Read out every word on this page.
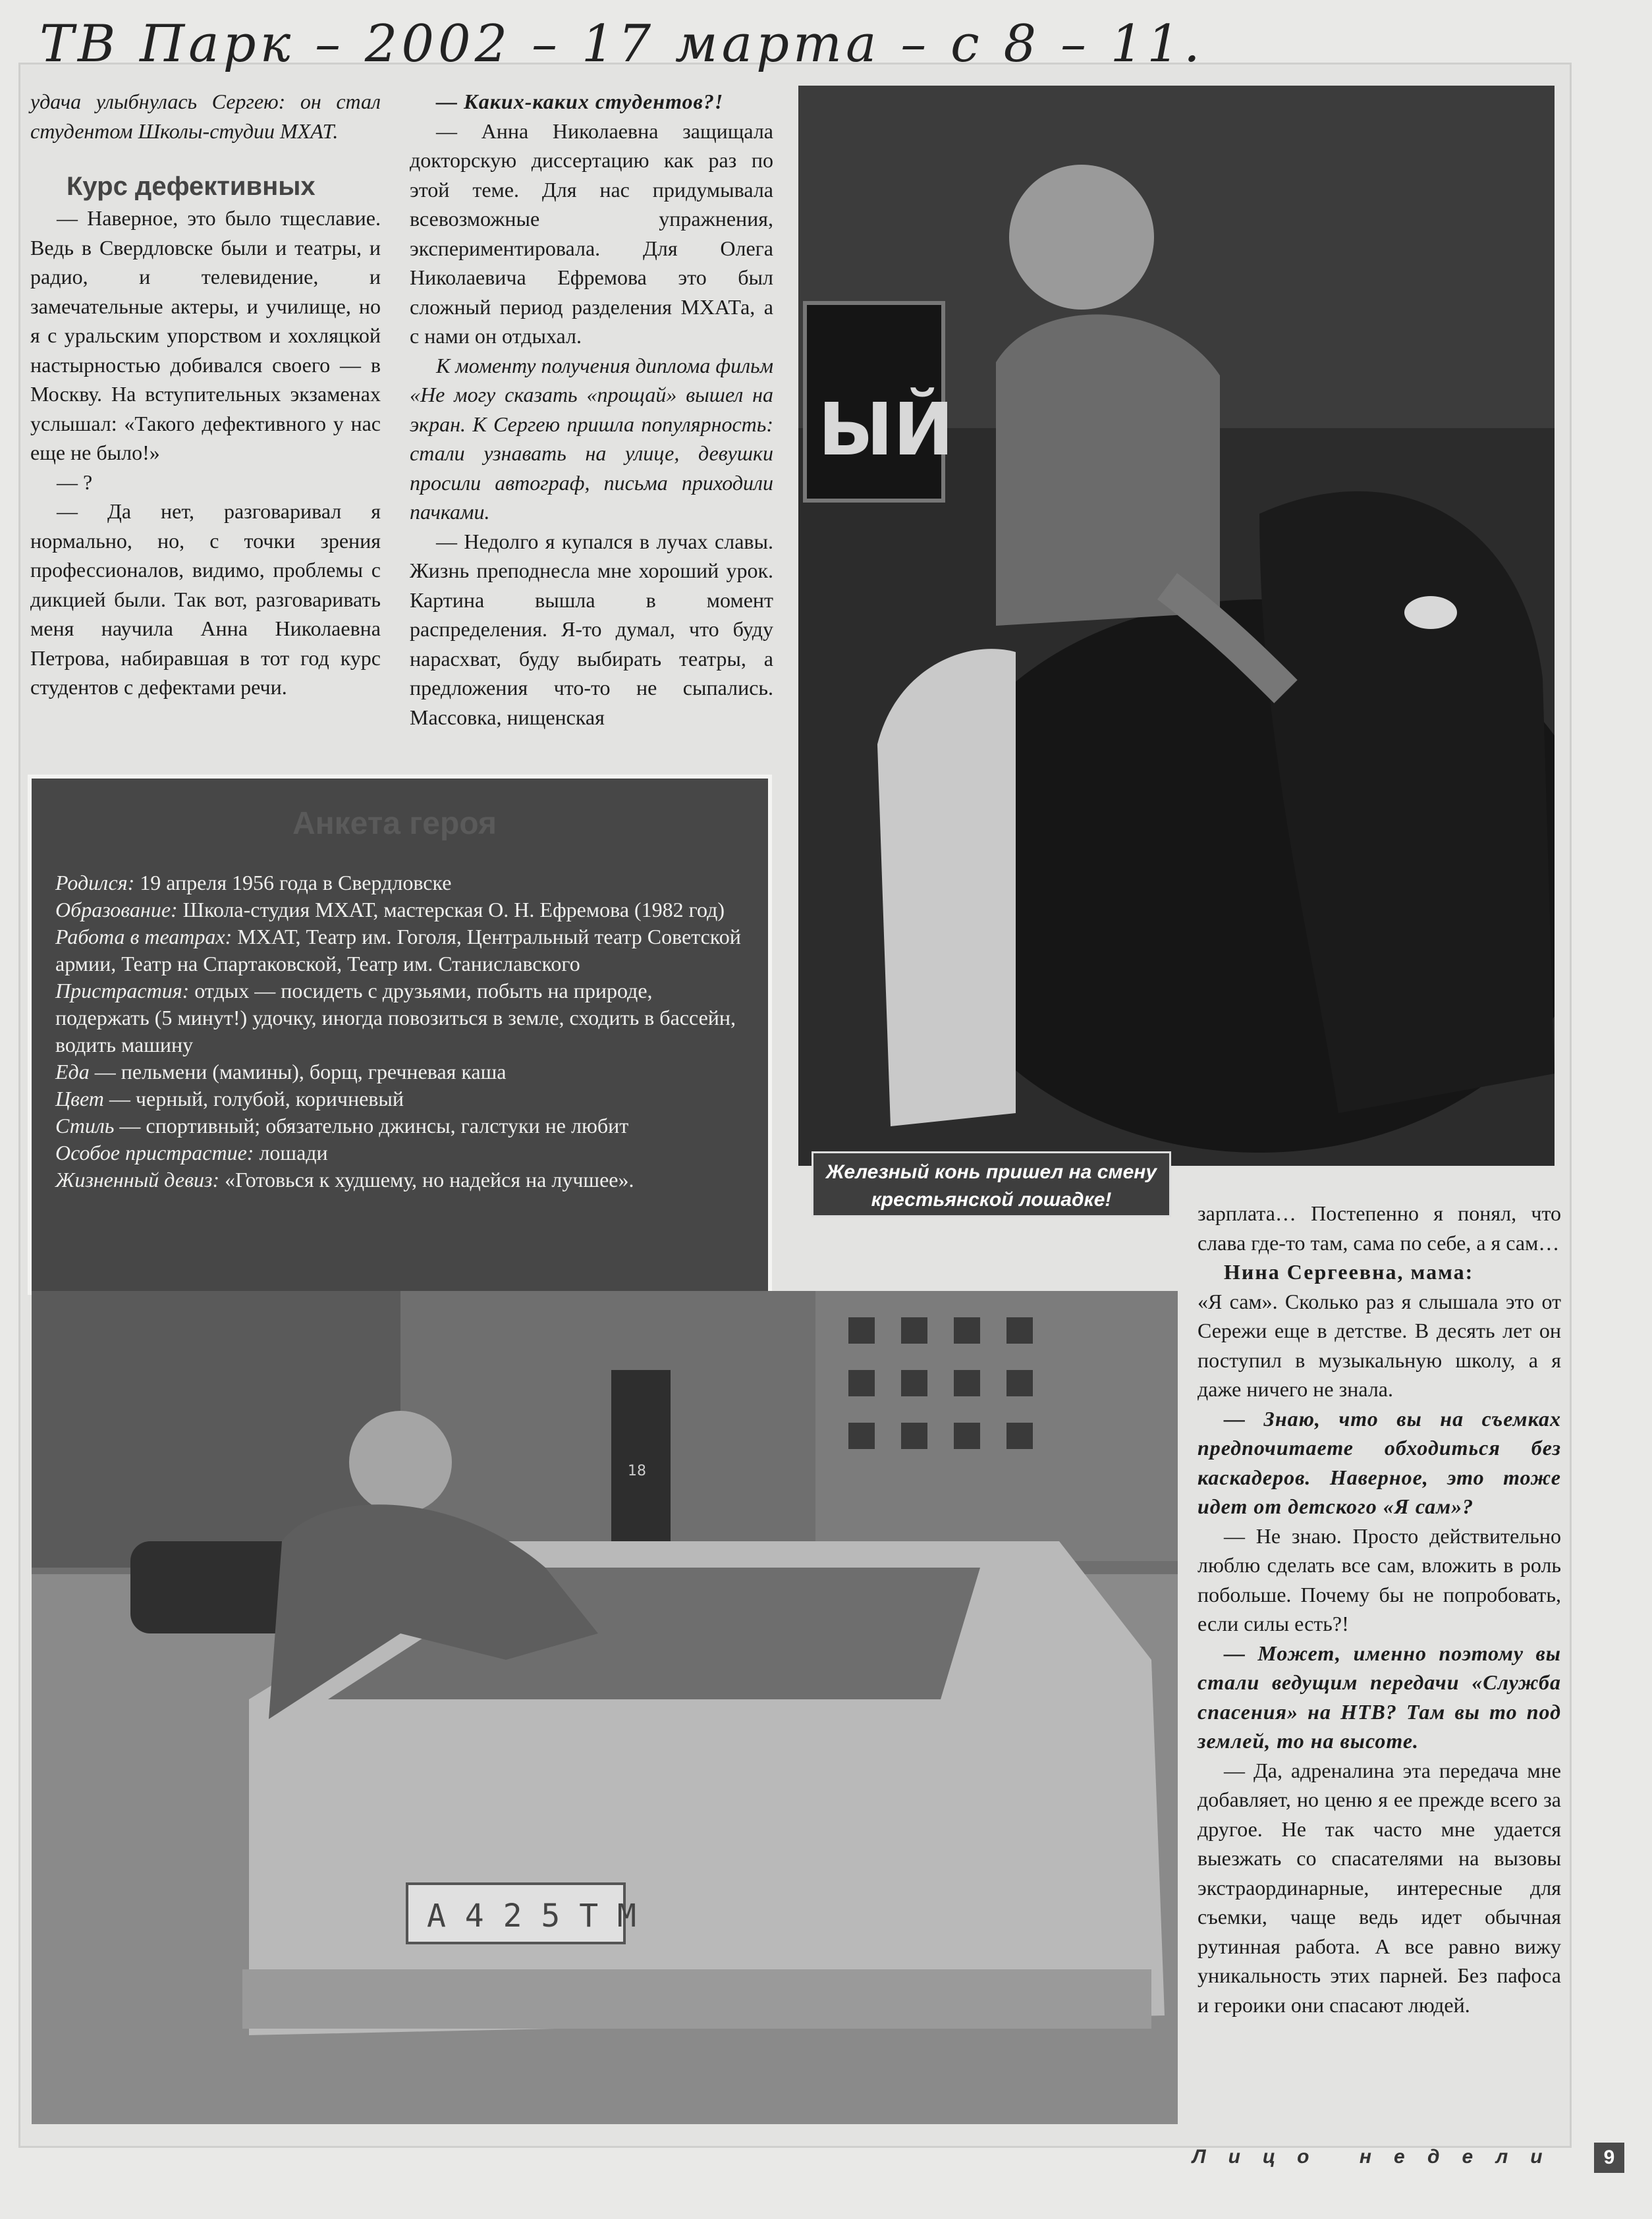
ТВ Парк – 2002 – 17 марта – с 8 – 11.

удача улыбнулась Сергею: он стал студентом Школы-студии МХАТ.

Курс дефективных

— Наверное, это было тщеславие. Ведь в Свердловске были и театры, и радио, и телевидение, и замечательные актеры, и училище, но я с уральским упорством и хохляцкой настырностью добивался своего — в Москву. На вступительных экзаменах услышал: «Такого дефективного у нас еще не было!»

— ?

— Да нет, разговаривал я нормально, но, с точки зрения профессионалов, видимо, проблемы с дикцией были. Так вот, разговаривать меня научила Анна Николаевна Петрова, набиравшая в тот год курс студентов с дефектами речи.

— Каких-каких студентов?!

— Анна Николаевна защищала докторскую диссертацию как раз по этой теме. Для нас придумывала всевозможные упражнения, экспериментировала. Для Олега Николаевича Ефремова это был сложный период разделения МХАТа, а с нами он отдыхал.

К моменту получения диплома фильм «Не могу сказать «прощай» вышел на экран. К Сергею пришла популярность: стали узнавать на улице, девушки просили автограф, письма приходили пачками.

— Недолго я купался в лучах славы. Жизнь преподнесла мне хороший урок. Картина вышла в момент распределения. Я-то думал, что буду нарасхват, буду выбирать театры, а предложения что-то не сыпались. Массовка, нищенская

ЫЙ
Железный конь пришел на смену крестьянской лошадке!
Анкета героя
Родился: 19 апреля 1956 года в Свердловске
Образование: Школа-студия МХАТ, мастерская О. Н. Ефремова (1982 год)
Работа в театрах: МХАТ, Театр им. Гоголя, Центральный театр Советской армии, Театр на Спартаковской, Театр им. Станиславского
Пристрастия: отдых — посидеть с друзьями, побыть на природе, подержать (5 минут!) удочку, иногда повозиться в земле, сходить в бассейн, водить машину
Еда — пельмени (мамины), борщ, гречневая каша
Цвет — черный, голубой, коричневый
Стиль — спортивный; обязательно джинсы, галстуки не любит
Особое пристрастие: лошади
Жизненный девиз: «Готовься к худшему, но надейся на лучшее».
18
А 4 2 5 Т М

зарплата… Постепенно я понял, что слава где-то там, сама по себе, а я сам…

Нина Сергеевна, мама:

«Я сам». Сколько раз я слышала это от Сережи еще в детстве. В десять лет он поступил в музыкальную школу, а я даже ничего не знала.

— Знаю, что вы на съемках предпочитаете обходиться без каскадеров. Наверное, это тоже идет от детского «Я сам»?

— Не знаю. Просто действительно люблю сделать все сам, вложить в роль побольше. Почему бы не попробовать, если силы есть?!

— Может, именно поэтому вы стали ведущим передачи «Служба спасения» на НТВ? Там вы то под землей, то на высоте.

— Да, адреналина эта передача мне добавляет, но ценю я ее прежде всего за другое. Не так часто мне удается выезжать со спасателями на вызовы экстраординарные, интересные для съемки, чаще ведь идет обычная рутинная работа. А все равно вижу уникальность этих парней. Без пафоса и героики они спасают людей.

Лицо недели	9
